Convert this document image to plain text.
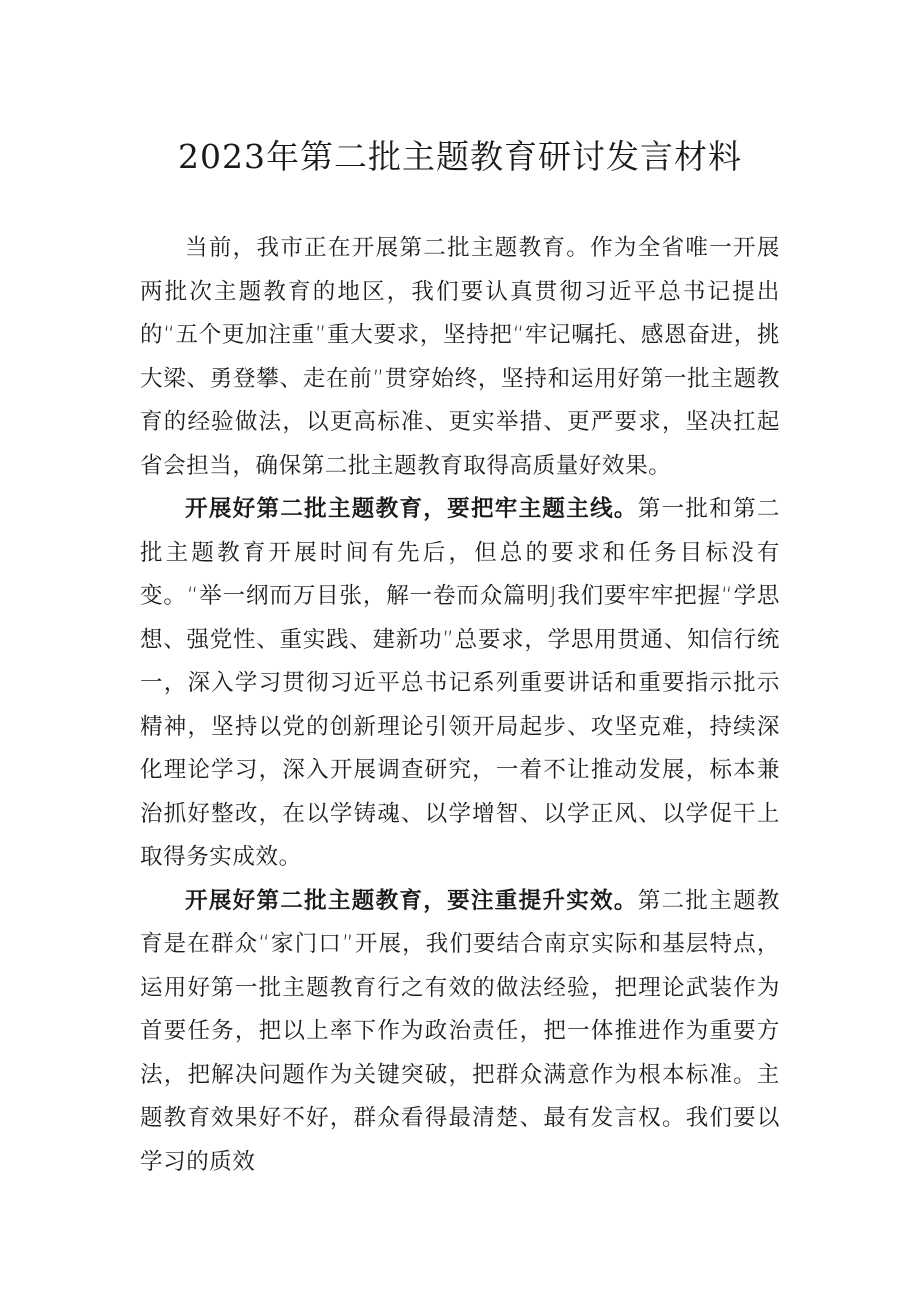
2023年第二批主题教育研讨发言材料

当前，我市正在开展第二批主题教育。作为全省唯一开展两批次主题教育的地区，我们要认真贯彻习近平总书记提出的“五个更加注重”重大要求，坚持把“牢记嘱托、感恩奋进，挑大梁、勇登攀、走在前”贯穿始终，坚持和运用好第一批主题教育的经验做法，以更高标准、更实举措、更严要求，坚决扛起省会担当，确保第二批主题教育取得高质量好效果。

开展好第二批主题教育，要把牢主题主线。第一批和第二批主题教育开展时间有先后，但总的要求和任务目标没有变。“举一纲而万目张，解一卷而众篇明J我们要牢牢把握“学思想、强党性、重实践、建新功”总要求，学思用贯通、知信行统一，深入学习贯彻习近平总书记系列重要讲话和重要指示批示精神，坚持以党的创新理论引领开局起步、攻坚克难，持续深化理论学习，深入开展调查研究，一着不让推动发展，标本兼治抓好整改，在以学铸魂、以学增智、以学正风、以学促干上取得务实成效。

开展好第二批主题教育，要注重提升实效。第二批主题教育是在群众“家门口”开展，我们要结合南京实际和基层特点，运用好第一批主题教育行之有效的做法经验，把理论武装作为首要任务，把以上率下作为政治责任，把一体推进作为重要方法，把解决问题作为关键突破，把群众满意作为根本标准。主题教育效果好不好，群众看得最清楚、最有发言权。我们要以学习的质效
